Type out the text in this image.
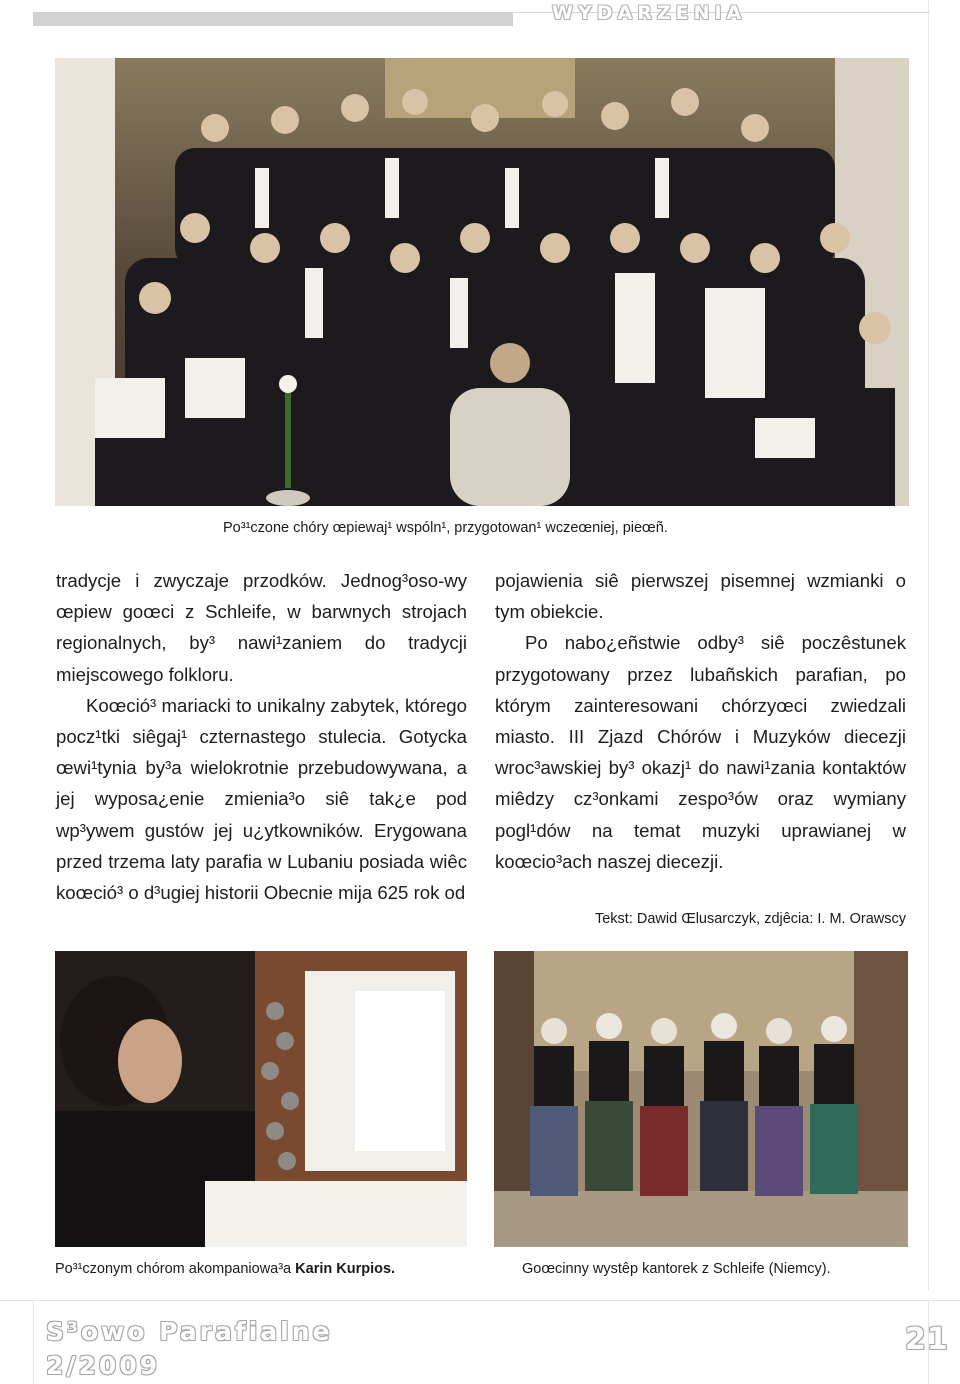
WYDARZENIA
Po³¹czone chóry œpiewaj¹ wspóln¹, przygotowan¹ wczeœniej, pieœñ.

tradycje i zwyczaje przodków. Jednog³oso-wy œpiew goœci z Schleife, w barwnych strojach regionalnych, by³ nawi¹zaniem do tradycji miejscowego folkloru.

Koœció³ mariacki to unikalny zabytek, którego pocz¹tki siêgaj¹ czternastego stulecia. Gotycka œwi¹tynia by³a wielokrotnie przebudowywana, a jej wyposa¿enie zmienia³o siê tak¿e pod wp³ywem gustów jej u¿ytkowników. Erygowana przed trzema laty parafia w Lubaniu posiada wiêc koœció³ o d³ugiej historii Obecnie mija 625 rok od

pojawienia siê pierwszej pisemnej wzmianki o tym obiekcie.

Po nabo¿eñstwie odby³ siê poczêstunek przygotowany przez lubañskich parafian, po którym zainteresowani chórzyœci zwiedzali miasto. III Zjazd Chórów i Muzyków diecezji wroc³awskiej by³ okazj¹ do nawi¹zania kontaktów miêdzy cz³onkami zespo³ów oraz wymiany pogl¹dów na temat muzyki uprawianej w koœcio³ach naszej diecezji.

Tekst: Dawid Œlusarczyk, zdjêcia: I. M. Orawscy
Po³¹czonym chórom akompaniowa³a Karin Kurpios.	Goœcinny wystêp kantorek z Schleife (Niemcy).
S³owo Parafialne
2/2009
21
